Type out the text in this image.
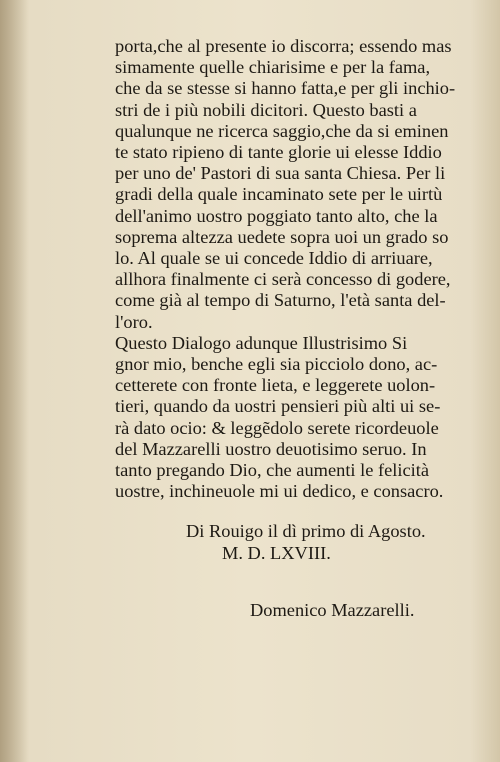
porta,che al presente io discorra; essendo mas
simamente quelle chiarisime e per la fama,
che da se stesse si hanno fatta,e per gli inchio-
stri de i più nobili dicitori. Questo basti a
qualunque ne ricerca saggio,che da si eminen
te stato ripieno di tante glorie ui elesse Iddio
per uno de' Pastori di sua santa Chiesa. Per li
gradi della quale incaminato sete per le uirtù
dell'animo uostro poggiato tanto alto, che la
soprema altezza uedete sopra uoi un grado so
lo. Al quale se ui concede Iddio di arriuare,
allhora finalmente ci serà concesso di godere,
come già al tempo di Saturno, l'età santa del-
l'oro.
Questo Dialogo adunque Illustrisimo Si
gnor mio, benche egli sia picciolo dono, ac-
cetterete con fronte lieta, e leggerete uolon-
tieri, quando da uostri pensieri più alti ui se-
rà dato ocio: & leggẽdolo serete ricordeuole
del Mazzarelli uostro deuotisimo seruo. In
tanto pregando Dio, che aumenti le felicità
uostre, inchineuole mi ui dedico, e consacro.
Di Rouigo il dì primo di Agosto.
M. D. LXVIII.
Domenico Mazzarelli.
